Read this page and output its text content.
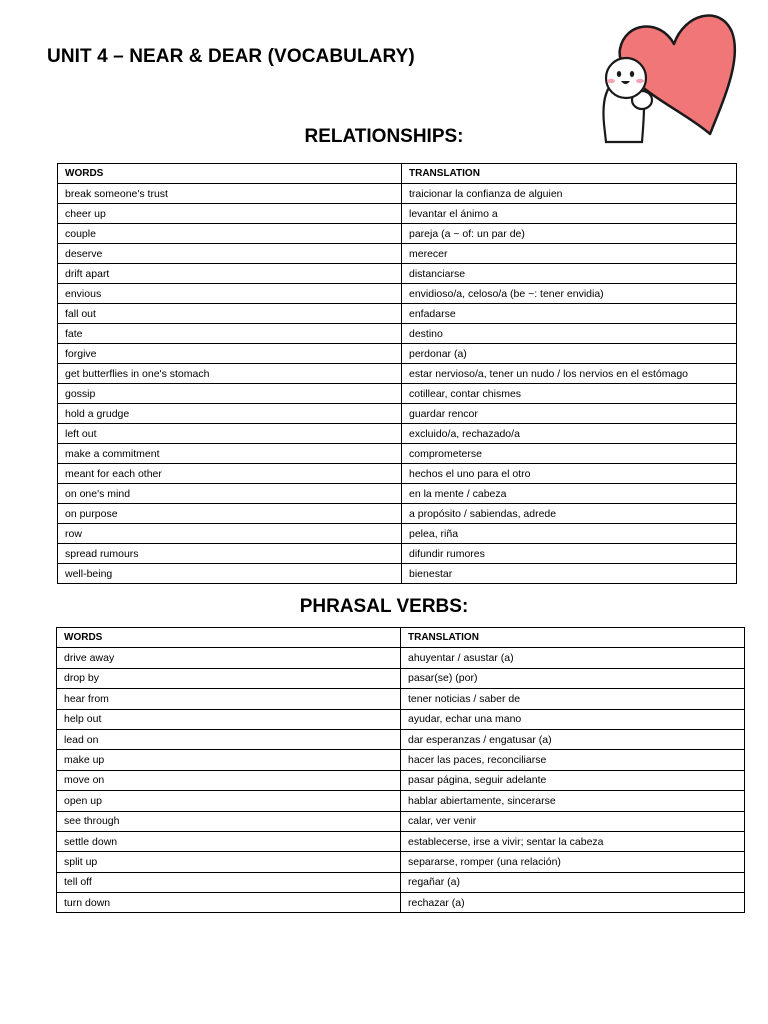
UNIT 4 – NEAR & DEAR (VOCABULARY)
RELATIONSHIPS:
WORDS	TRANSLATION
break someone's trust	traicionar la confianza de alguien
cheer up	levantar el ánimo a
couple	pareja (a ~ of: un par de)
deserve	merecer
drift apart	distanciarse
envious	envidioso/a, celoso/a (be ~: tener envidia)
fall out	enfadarse
fate	destino
forgive	perdonar (a)
get butterflies in one's stomach	estar nervioso/a, tener un nudo / los nervios en el estómago
gossip	cotillear, contar chismes
hold a grudge	guardar rencor
left out	excluido/a, rechazado/a
make a commitment	comprometerse
meant for each other	hechos el uno para el otro
on one's mind	en la mente / cabeza
on purpose	a propósito / sabiendas, adrede
row	pelea, riña
spread rumours	difundir rumores
well-being	bienestar
PHRASAL VERBS:
WORDS	TRANSLATION
drive away	ahuyentar / asustar (a)
drop by	pasar(se) (por)
hear from	tener noticias / saber de
help out	ayudar, echar una mano
lead on	dar esperanzas / engatusar (a)
make up	hacer las paces, reconciliarse
move on	pasar página, seguir adelante
open up	hablar abiertamente, sincerarse
see through	calar, ver venir
settle down	establecerse, irse a vivir; sentar la cabeza
split up	separarse, romper (una relación)
tell off	regañar (a)
turn down	rechazar (a)
